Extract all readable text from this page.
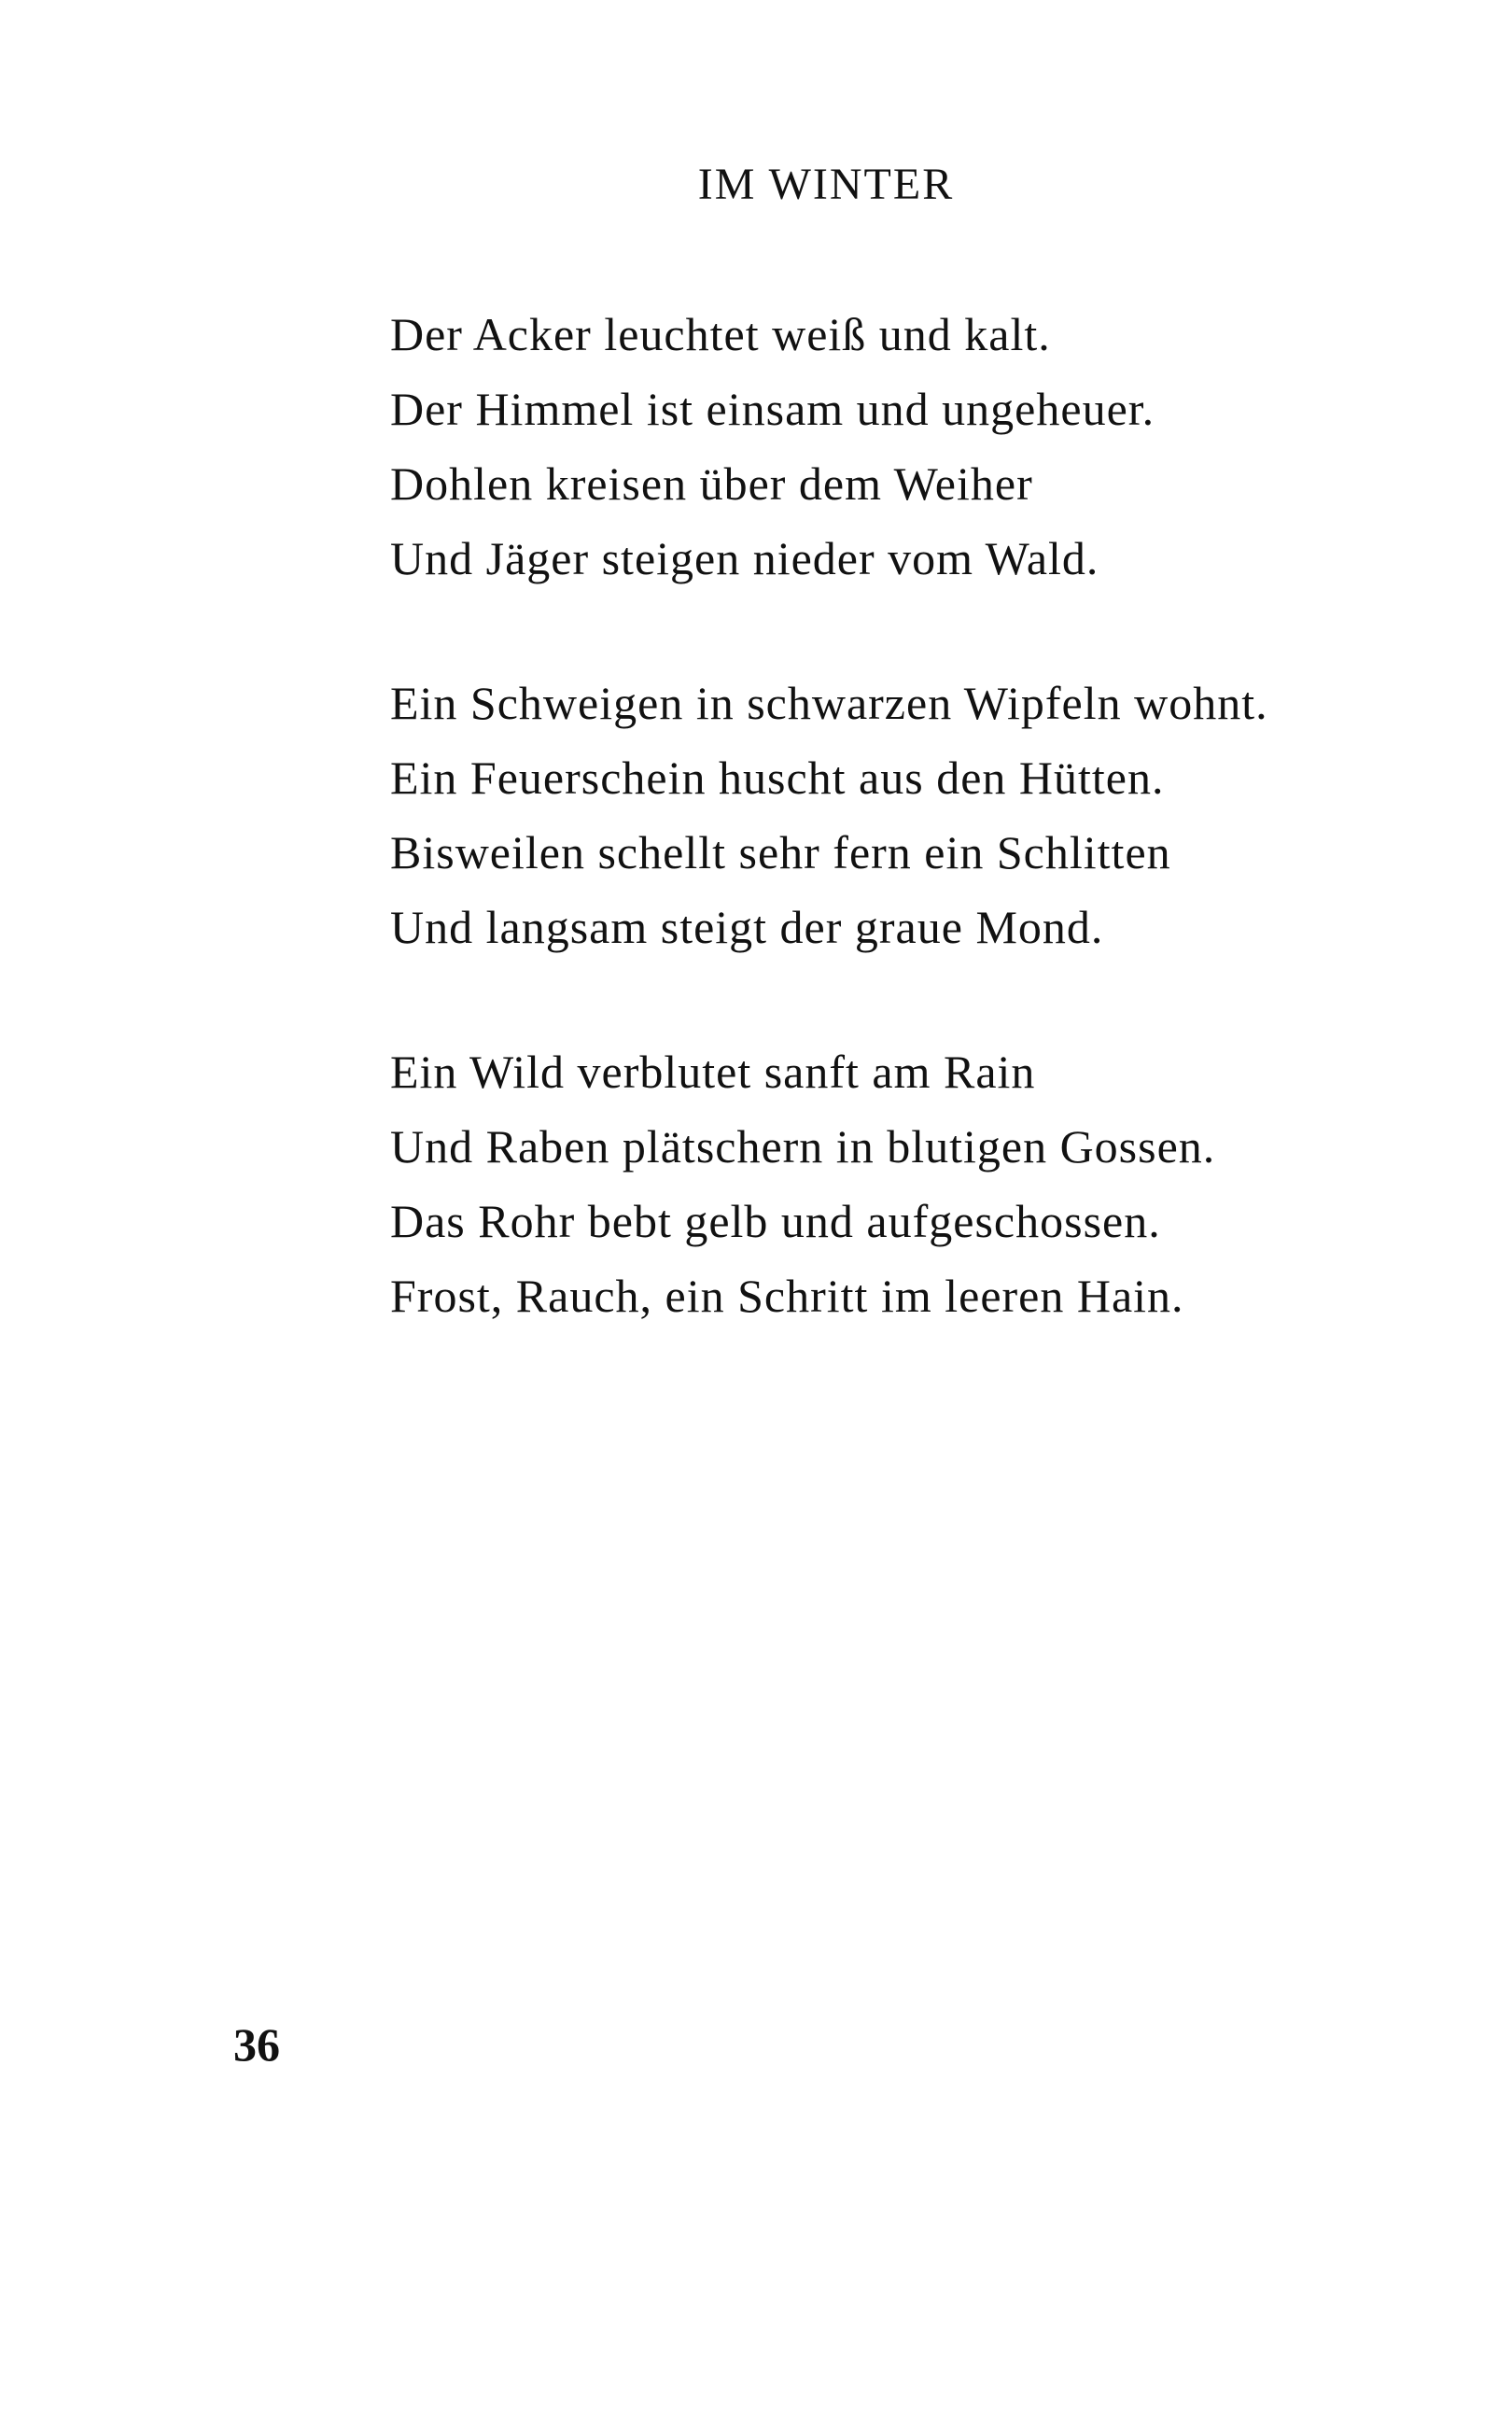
IM WINTER
Der Acker leuchtet weiß und kalt.
Der Himmel ist einsam und ungeheuer.
Dohlen kreisen über dem Weiher
Und Jäger steigen nieder vom Wald.
Ein Schweigen in schwarzen Wipfeln wohnt.
Ein Feuerschein huscht aus den Hütten.
Bisweilen schellt sehr fern ein Schlitten
Und langsam steigt der graue Mond.
Ein Wild verblutet sanft am Rain
Und Raben plätschern in blutigen Gossen.
Das Rohr bebt gelb und aufgeschossen.
Frost, Rauch, ein Schritt im leeren Hain.
36
